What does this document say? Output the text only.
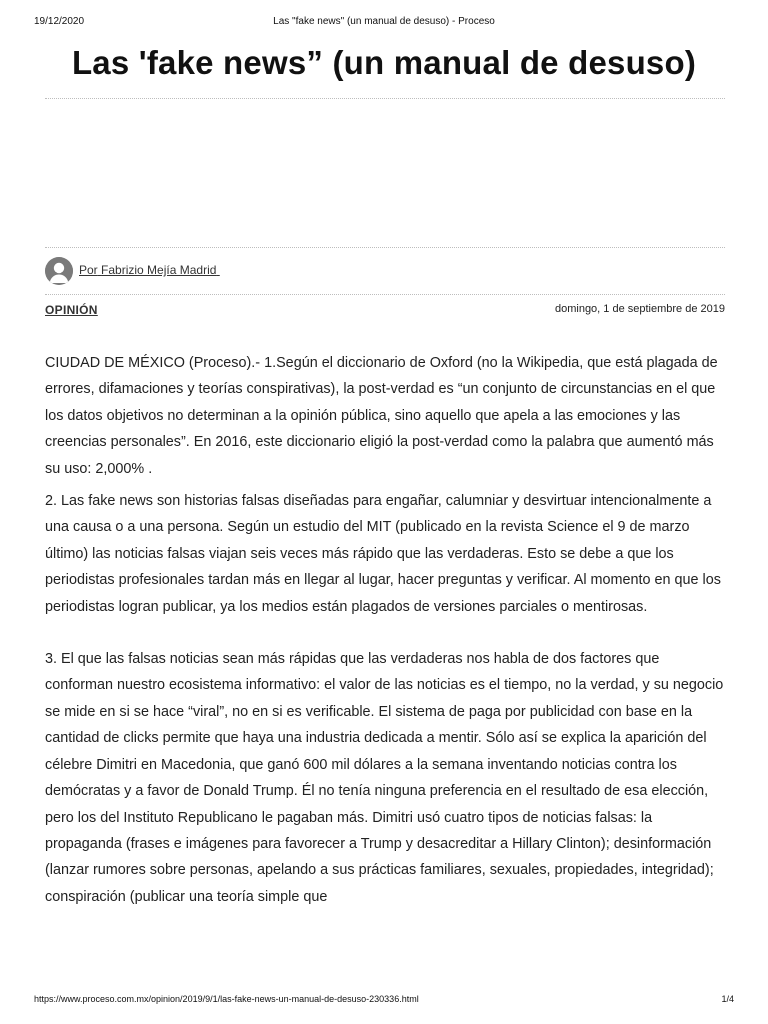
19/12/2020	Las "fake news" (un manual de desuso) - Proceso
Las 'fake news” (un manual de desuso)
Por Fabrizio Mejía Madrid
OPINIÓN	domingo, 1 de septiembre de 2019

CIUDAD DE MÉXICO (Proceso).- 1.Según el diccionario de Oxford (no la Wikipedia, que está plagada de errores, difamaciones y teorías conspirativas), la post-verdad es “un conjunto de circunstancias en el que los datos objetivos no determinan a la opinión pública, sino aquello que apela a las emociones y las creencias personales”. En 2016, este diccionario eligió la post-verdad como la palabra que aumentó más su uso: 2,000% .

2. Las fake news son historias falsas diseñadas para engañar, calumniar y desvirtuar intencionalmente a una causa o a una persona. Según un estudio del MIT (publicado en la revista Science el 9 de marzo último) las noticias falsas viajan seis veces más rápido que las verdaderas. Esto se debe a que los periodistas profesionales tardan más en llegar al lugar, hacer preguntas y verificar. Al momento en que los periodistas logran publicar, ya los medios están plagados de versiones parciales o mentirosas.

3. El que las falsas noticias sean más rápidas que las verdaderas nos habla de dos factores que conforman nuestro ecosistema informativo: el valor de las noticias es el tiempo, no la verdad, y su negocio se mide en si se hace “viral”, no en si es verificable. El sistema de paga por publicidad con base en la cantidad de clicks permite que haya una industria dedicada a mentir. Sólo así se explica la aparición del célebre Dimitri en Macedonia, que ganó 600 mil dólares a la semana inventando noticias contra los demócratas y a favor de Donald Trump. Él no tenía ninguna preferencia en el resultado de esa elección, pero los del Instituto Republicano le pagaban más. Dimitri usó cuatro tipos de noticias falsas: la propaganda (frases e imágenes para favorecer a Trump y desacreditar a Hillary Clinton); desinformación (lanzar rumores sobre personas, apelando a sus prácticas familiares, sexuales, propiedades, integridad); conspiración (publicar una teoría simple que

https://www.proceso.com.mx/opinion/2019/9/1/las-fake-news-un-manual-de-desuso-230336.html	1/4
